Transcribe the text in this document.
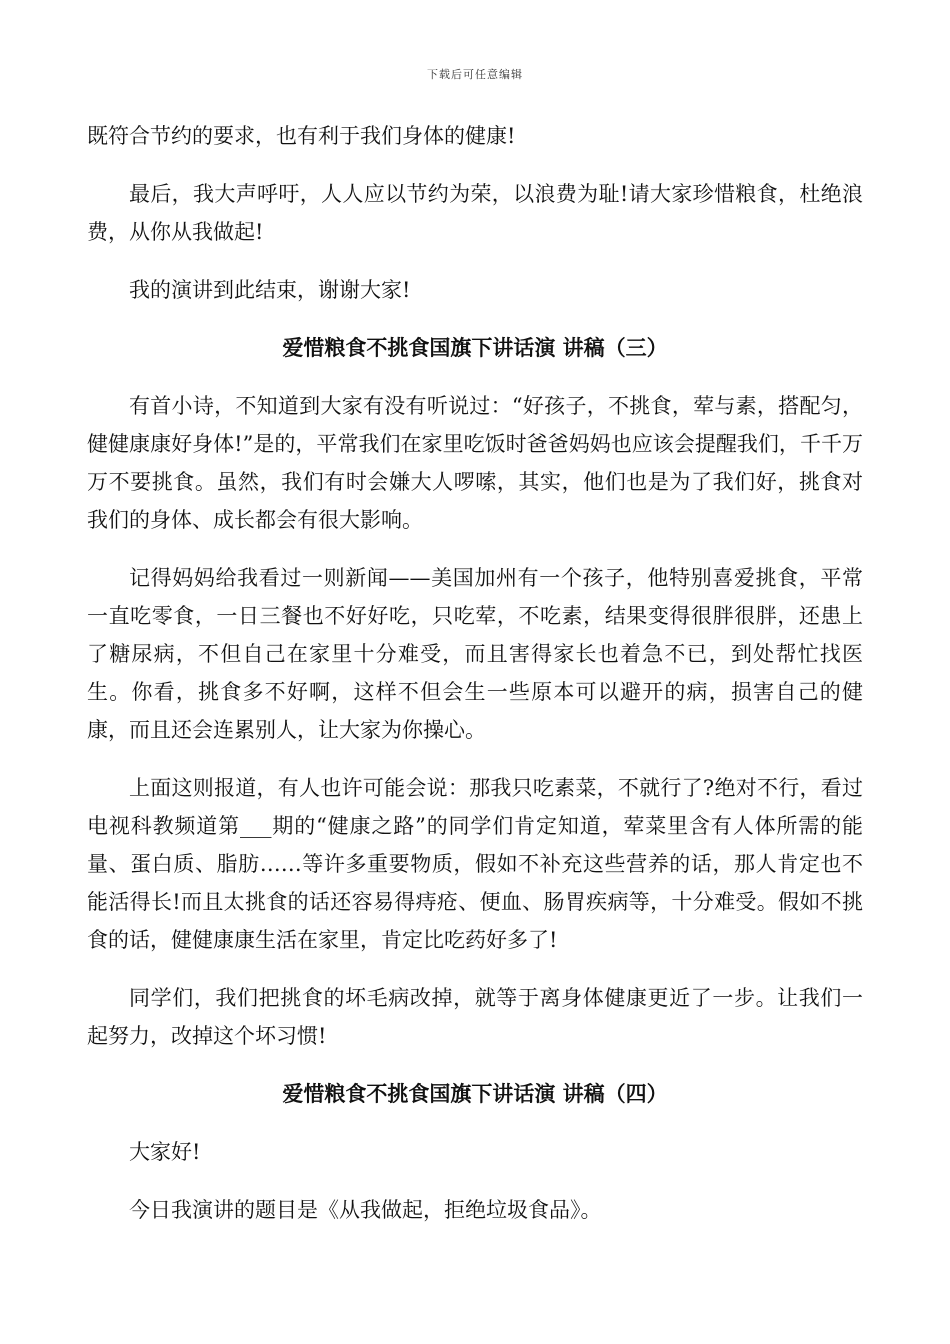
下载后可任意编辑

既符合节约的要求，也有利于我们身体的健康!

最后，我大声呼吁，人人应以节约为荣，以浪费为耻!请大家珍惜粮食，杜绝浪费，从你从我做起!

我的演讲到此结束，谢谢大家!

爱惜粮食不挑食国旗下讲话演 讲稿（三）

有首小诗，不知道到大家有没有听说过：“好孩子，不挑食，荤与素，搭配匀，健健康康好身体!”是的，平常我们在家里吃饭时爸爸妈妈也应该会提醒我们，千千万万不要挑食。虽然，我们有时会嫌大人啰嗦，其实，他们也是为了我们好，挑食对我们的身体、成长都会有很大影响。

记得妈妈给我看过一则新闻——美国加州有一个孩子，他特别喜爱挑食，平常一直吃零食，一日三餐也不好好吃，只吃荤，不吃素，结果变得很胖很胖，还患上了糖尿病，不但自己在家里十分难受，而且害得家长也着急不已，到处帮忙找医生。你看，挑食多不好啊，这样不但会生一些原本可以避开的病，损害自己的健康，而且还会连累别人，让大家为你操心。

上面这则报道，有人也许可能会说：那我只吃素菜，不就行了?绝对不行，看过电视科教频道第___期的“健康之路”的同学们肯定知道，荤菜里含有人体所需的能量、蛋白质、脂肪……等许多重要物质，假如不补充这些营养的话，那人肯定也不能活得长!而且太挑食的话还容易得痔疮、便血、肠胃疾病等，十分难受。假如不挑食的话，健健康康生活在家里，肯定比吃药好多了!

同学们，我们把挑食的坏毛病改掉，就等于离身体健康更近了一步。让我们一起努力，改掉这个坏习惯!

爱惜粮食不挑食国旗下讲话演 讲稿（四）

大家好!

今日我演讲的题目是《从我做起，拒绝垃圾食品》。
